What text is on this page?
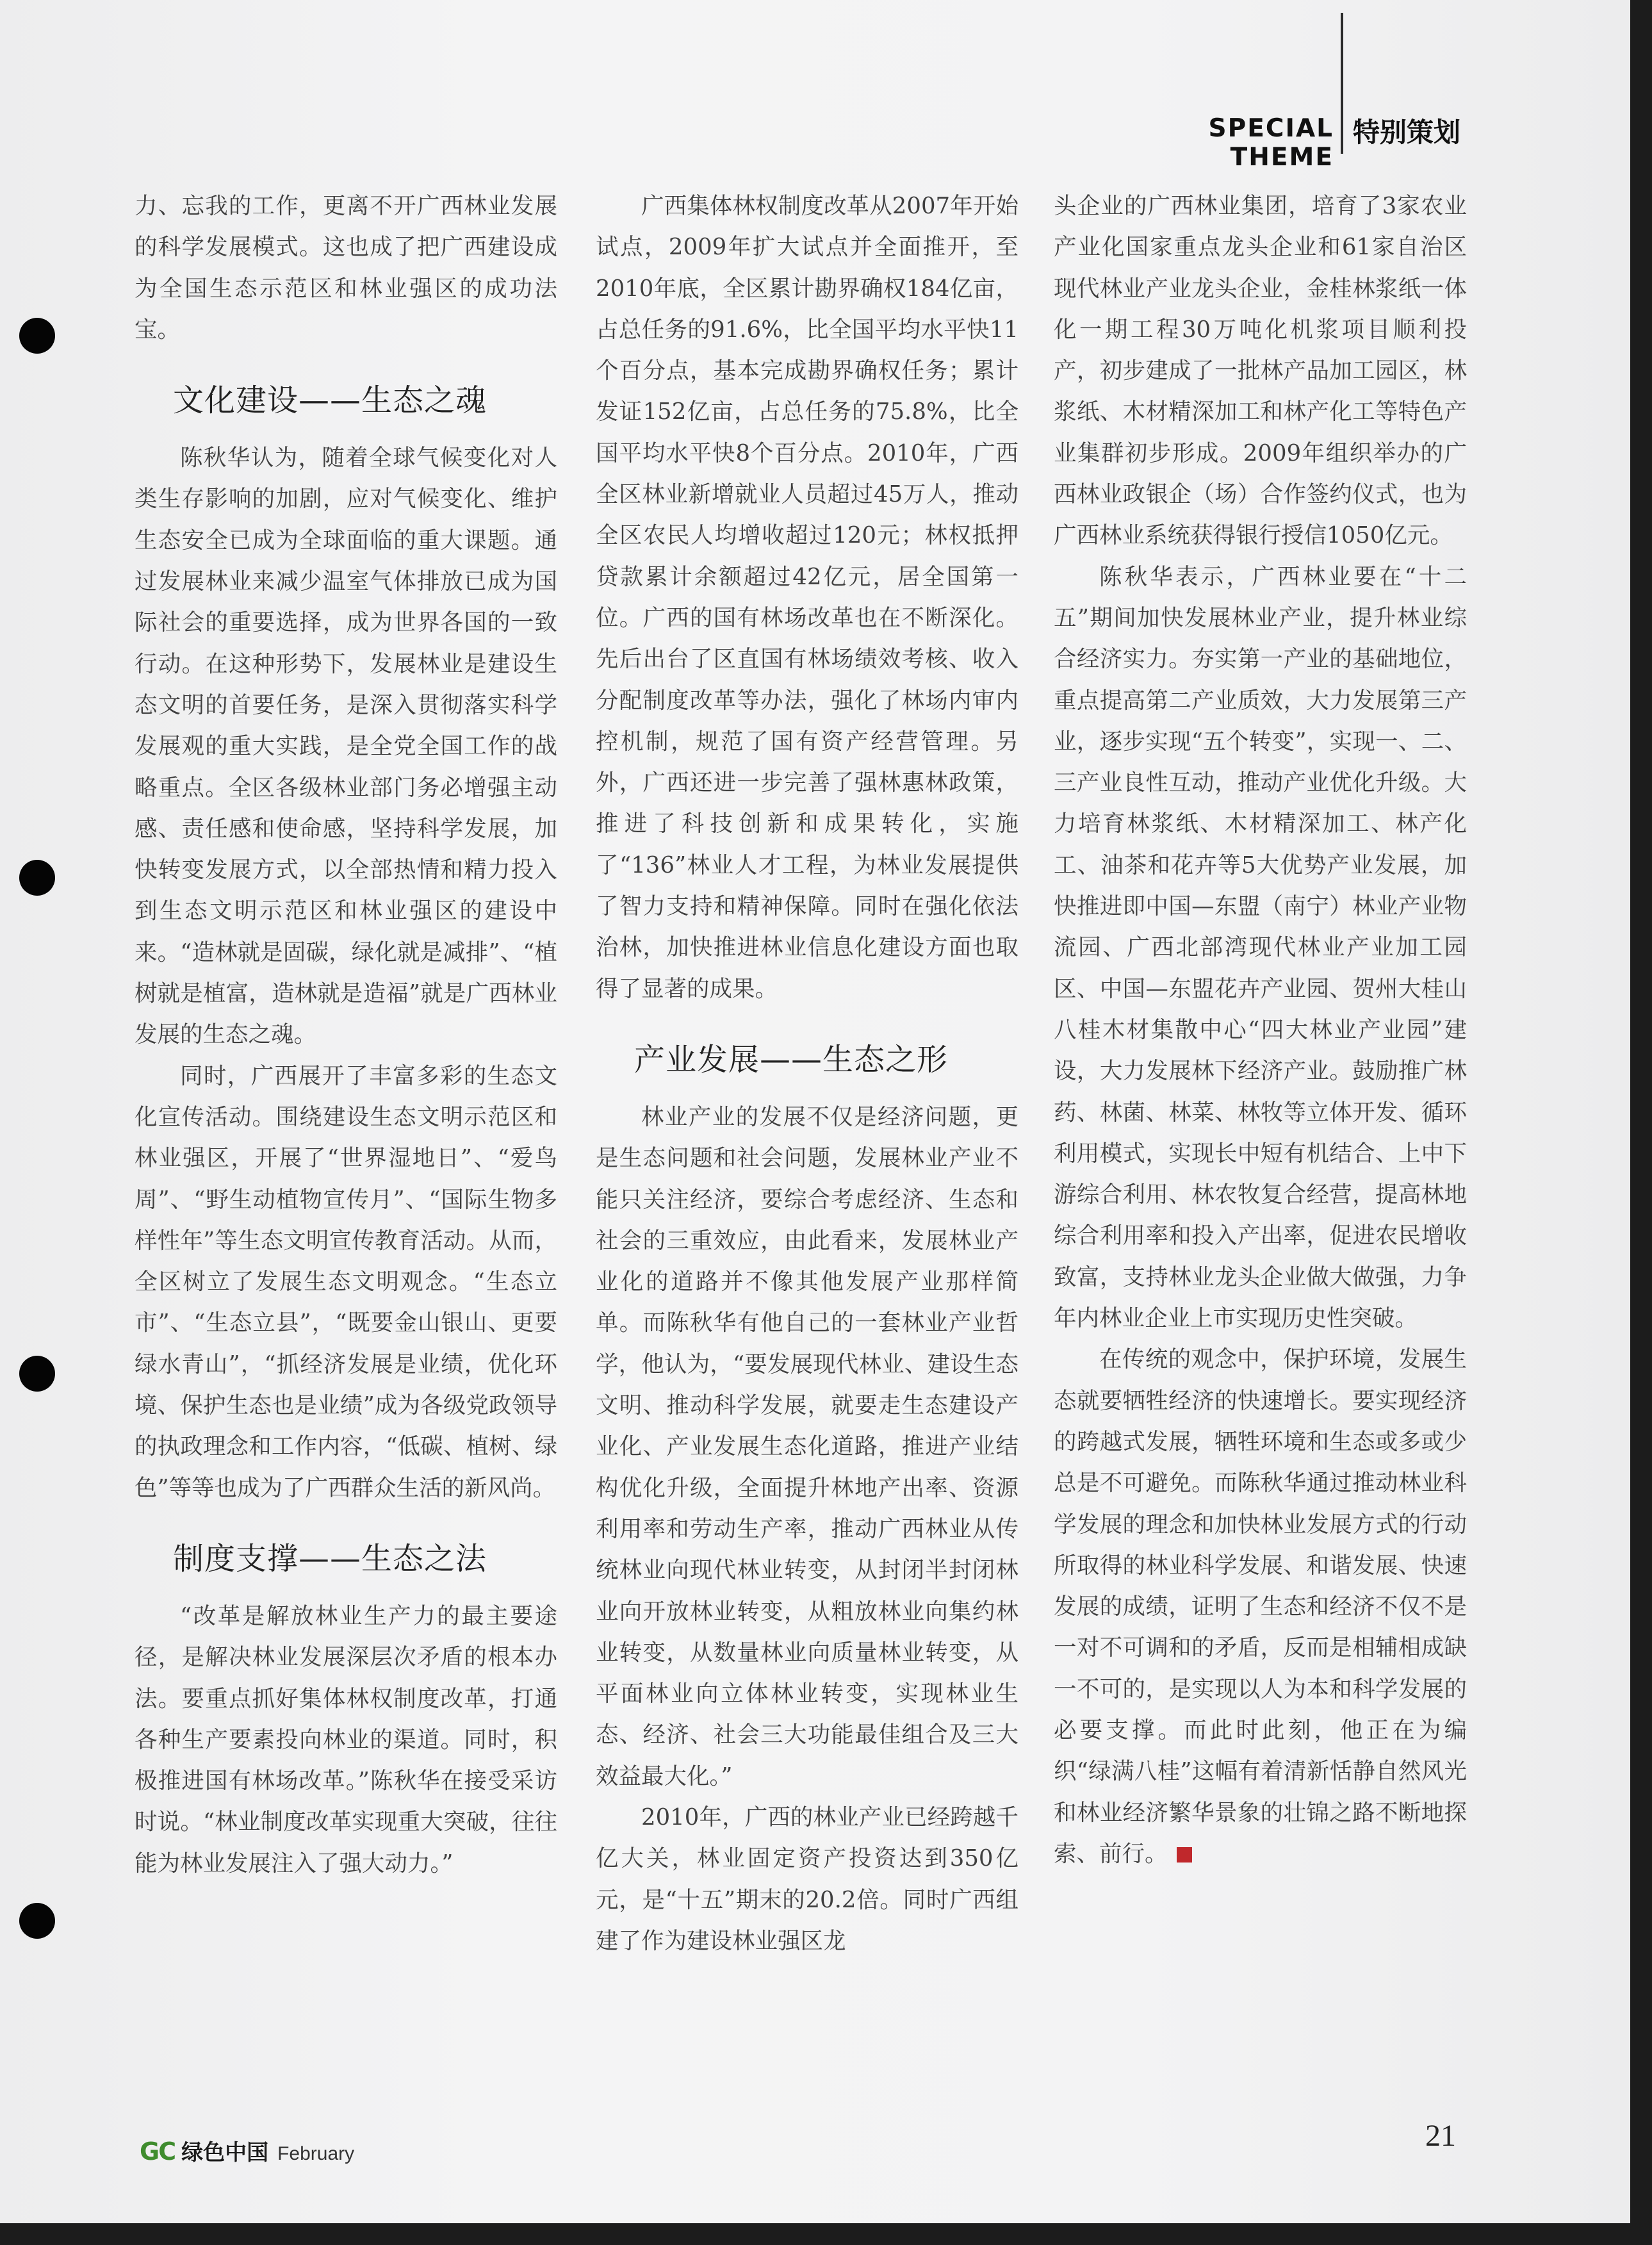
SPECIAL THEME
特别策划

力、忘我的工作，更离不开广西林业发展的科学发展模式。这也成了把广西建设成为全国生态示范区和林业强区的成功法宝。

文化建设——生态之魂

陈秋华认为，随着全球气候变化对人类生存影响的加剧，应对气候变化、维护生态安全已成为全球面临的重大课题。通过发展林业来减少温室气体排放已成为国际社会的重要选择，成为世界各国的一致行动。在这种形势下，发展林业是建设生态文明的首要任务，是深入贯彻落实科学发展观的重大实践，是全党全国工作的战略重点。全区各级林业部门务必增强主动感、责任感和使命感，坚持科学发展，加快转变发展方式，以全部热情和精力投入到生态文明示范区和林业强区的建设中来。“造林就是固碳，绿化就是减排”、“植树就是植富，造林就是造福”就是广西林业发展的生态之魂。

同时，广西展开了丰富多彩的生态文化宣传活动。围绕建设生态文明示范区和林业强区，开展了“世界湿地日”、“爱鸟周”、“野生动植物宣传月”、“国际生物多样性年”等生态文明宣传教育活动。从而，全区树立了发展生态文明观念。“生态立市”、“生态立县”，“既要金山银山、更要绿水青山”，“抓经济发展是业绩，优化环境、保护生态也是业绩”成为各级党政领导的执政理念和工作内容，“低碳、植树、绿色”等等也成为了广西群众生活的新风尚。

制度支撑——生态之法

“改革是解放林业生产力的最主要途径，是解决林业发展深层次矛盾的根本办法。要重点抓好集体林权制度改革，打通各种生产要素投向林业的渠道。同时，积极推进国有林场改革。”陈秋华在接受采访时说。“林业制度改革实现重大突破，往往能为林业发展注入了强大动力。”

广西集体林权制度改革从2007年开始试点，2009年扩大试点并全面推开，至2010年底，全区累计勘界确权184亿亩，占总任务的91.6%，比全国平均水平快11个百分点，基本完成勘界确权任务；累计发证152亿亩，占总任务的75.8%，比全国平均水平快8个百分点。2010年，广西全区林业新增就业人员超过45万人，推动全区农民人均增收超过120元；林权抵押贷款累计余额超过42亿元，居全国第一位。广西的国有林场改革也在不断深化。先后出台了区直国有林场绩效考核、收入分配制度改革等办法，强化了林场内审内控机制，规范了国有资产经营管理。另外，广西还进一步完善了强林惠林政策，推进了科技创新和成果转化，实施了“136”林业人才工程，为林业发展提供了智力支持和精神保障。同时在强化依法治林，加快推进林业信息化建设方面也取得了显著的成果。

产业发展——生态之形

林业产业的发展不仅是经济问题，更是生态问题和社会问题，发展林业产业不能只关注经济，要综合考虑经济、生态和社会的三重效应，由此看来，发展林业产业化的道路并不像其他发展产业那样简单。而陈秋华有他自己的一套林业产业哲学，他认为，“要发展现代林业、建设生态文明、推动科学发展，就要走生态建设产业化、产业发展生态化道路，推进产业结构优化升级，全面提升林地产出率、资源利用率和劳动生产率，推动广西林业从传统林业向现代林业转变，从封闭半封闭林业向开放林业转变，从粗放林业向集约林业转变，从数量林业向质量林业转变，从平面林业向立体林业转变，实现林业生态、经济、社会三大功能最佳组合及三大效益最大化。”

2010年，广西的林业产业已经跨越千亿大关，林业固定资产投资达到350亿元，是“十五”期末的20.2倍。同时广西组建了作为建设林业强区龙

头企业的广西林业集团，培育了3家农业产业化国家重点龙头企业和61家自治区现代林业产业龙头企业，金桂林浆纸一体化一期工程30万吨化机浆项目顺利投产，初步建成了一批林产品加工园区，林浆纸、木材精深加工和林产化工等特色产业集群初步形成。2009年组织举办的广西林业政银企（场）合作签约仪式，也为广西林业系统获得银行授信1050亿元。

陈秋华表示，广西林业要在“十二五”期间加快发展林业产业，提升林业综合经济实力。夯实第一产业的基础地位，重点提高第二产业质效，大力发展第三产业，逐步实现“五个转变”，实现一、二、三产业良性互动，推动产业优化升级。大力培育林浆纸、木材精深加工、林产化工、油茶和花卉等5大优势产业发展，加快推进即中国—东盟（南宁）林业产业物流园、广西北部湾现代林业产业加工园区、中国—东盟花卉产业园、贺州大桂山八桂木材集散中心“四大林业产业园”建设，大力发展林下经济产业。鼓励推广林药、林菌、林菜、林牧等立体开发、循环利用模式，实现长中短有机结合、上中下游综合利用、林农牧复合经营，提高林地综合利用率和投入产出率，促进农民增收致富，支持林业龙头企业做大做强，力争年内林业企业上市实现历史性突破。

在传统的观念中，保护环境，发展生态就要牺牲经济的快速增长。要实现经济的跨越式发展，牺牲环境和生态或多或少总是不可避免。而陈秋华通过推动林业科学发展的理念和加快林业发展方式的行动所取得的林业科学发展、和谐发展、快速发展的成绩，证明了生态和经济不仅不是一对不可调和的矛盾，反而是相辅相成缺一不可的，是实现以人为本和科学发展的必要支撑。而此时此刻，他正在为编织“绿满八桂”这幅有着清新恬静自然风光和林业经济繁华景象的壮锦之路不断地探索、前行。

GC 绿色中国 February
21
